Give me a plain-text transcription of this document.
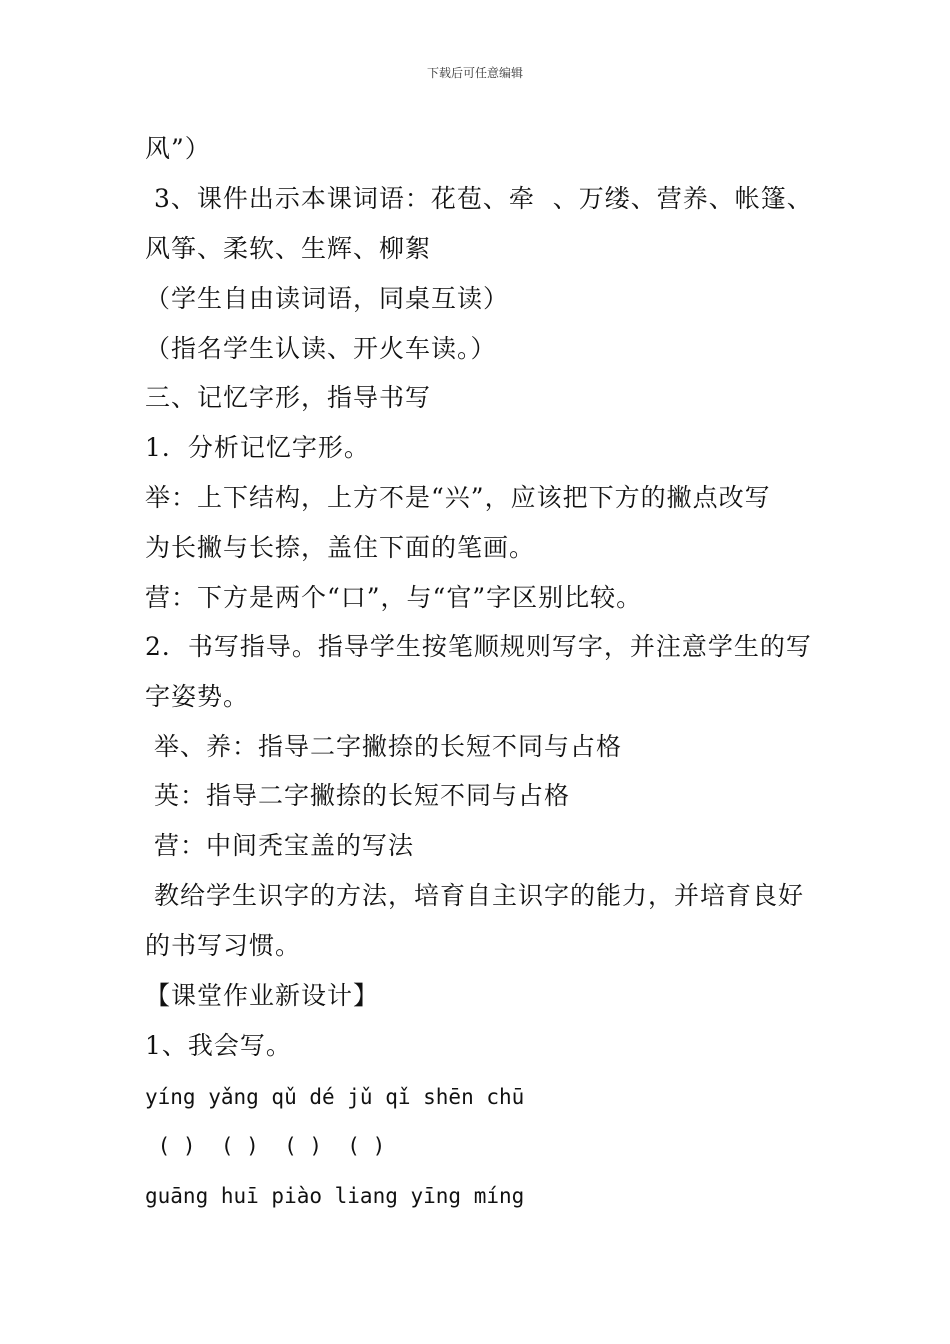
下载后可任意编辑
风”）
3、课件出示本课词语：花苞、牵  、万缕、营养、帐篷、
风筝、柔软、生辉、柳絮
（学生自由读词语，同桌互读）
（指名学生认读、开火车读。）
三、记忆字形，指导书写
1．分析记忆字形。
举：上下结构，上方不是“兴”，应该把下方的撇点改写
为长撇与长捺，盖住下面的笔画。
营：下方是两个“口”，与“官”字区别比较。
2．书写指导。指导学生按笔顺规则写字，并注意学生的写
字姿势。
举、养：指导二字撇捺的长短不同与占格
英：指导二字撇捺的长短不同与占格
营：中间秃宝盖的写法
教给学生识字的方法，培育自主识字的能力，并培育良好
的书写习惯。
【课堂作业新设计】
1、我会写。
yíng yǎng qǔ dé jǔ qǐ shēn chū
( )  ( )  ( )  ( )
guāng huī piào liang yīng míng
